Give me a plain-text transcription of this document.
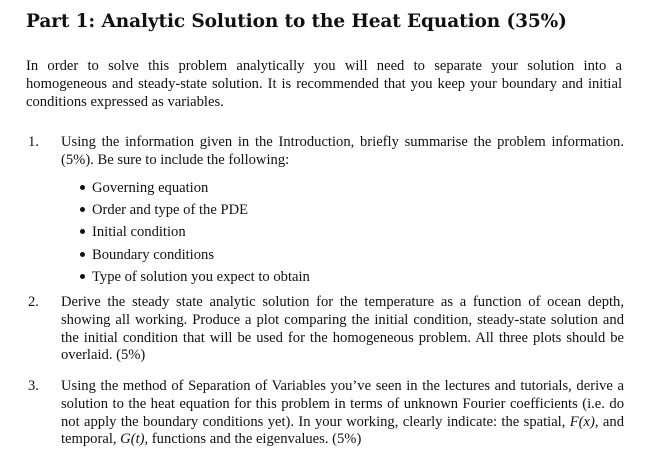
Part 1: Analytic Solution to the Heat Equation (35%)
In order to solve this problem analytically you will need to separate your solution into a homogeneous and steady-state solution. It is recommended that you keep your boundary and initial conditions expressed as variables.
1. Using the information given in the Introduction, briefly summarise the problem information. (5%). Be sure to include the following:
Governing equation
Order and type of the PDE
Initial condition
Boundary conditions
Type of solution you expect to obtain
2. Derive the steady state analytic solution for the temperature as a function of ocean depth, showing all working. Produce a plot comparing the initial condition, steady-state solution and the initial condition that will be used for the homogeneous problem. All three plots should be overlaid. (5%)
3. Using the method of Separation of Variables you’ve seen in the lectures and tutorials, derive a solution to the heat equation for this problem in terms of unknown Fourier coefficients (i.e. do not apply the boundary conditions yet). In your working, clearly indicate: the spatial, F(x), and temporal, G(t), functions and the eigenvalues. (5%)
